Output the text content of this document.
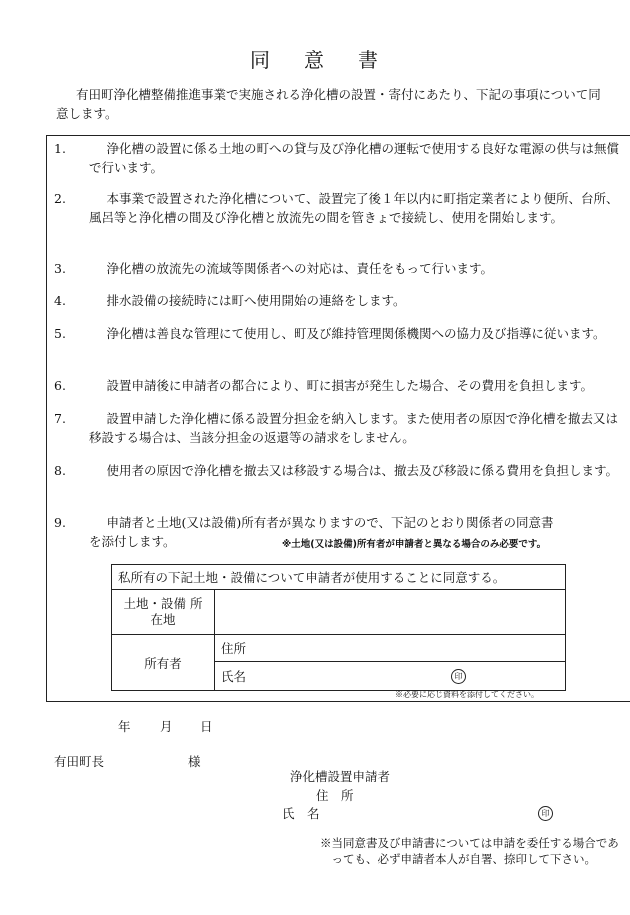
同 意 書
有田町浄化槽整備推進事業で実施される浄化槽の設置・寄付にあたり、下記の事項について同意します。
1.	浄化槽の設置に係る土地の町への貸与及び浄化槽の運転で使用する良好な電源の供与は無償で行います。
2.	本事業で設置された浄化槽について、設置完了後１年以内に町指定業者により便所、台所、風呂等と浄化槽の間及び浄化槽と放流先の間を管きょで接続し、使用を開始します。
3.	浄化槽の放流先の流域等関係者への対応は、責任をもって行います。
4.	排水設備の接続時には町へ使用開始の連絡をします。
5.	浄化槽は善良な管理にて使用し、町及び維持管理関係機関への協力及び指導に従います。
6.	設置申請後に申請者の都合により、町に損害が発生した場合、その費用を負担します。
7.	設置申請した浄化槽に係る設置分担金を納入します。また使用者の原因で浄化槽を撤去又は移設する場合は、当該分担金の返還等の請求をしません。
8.	使用者の原因で浄化槽を撤去又は移設する場合は、撤去及び移設に係る費用を負担します。
9.	申請者と土地(又は設備)所有者が異なりますので、下記のとおり関係者の同意書を添付します。	※土地(又は設備)所有者が申請者と異なる場合のみ必要です。
私所有の下記土地・設備について申請者が使用することに同意する。	
土地・設備 所在地	
所有者	住所
	氏名 印
※必要に応じ資料を添付してください。
年 月 日
有田町長	様
浄化槽設置申請者
住　所
氏　名	印
※当同意書及び申請書については申請を委任する場合であっても、必ず申請者本人が自署、捺印して下さい。
